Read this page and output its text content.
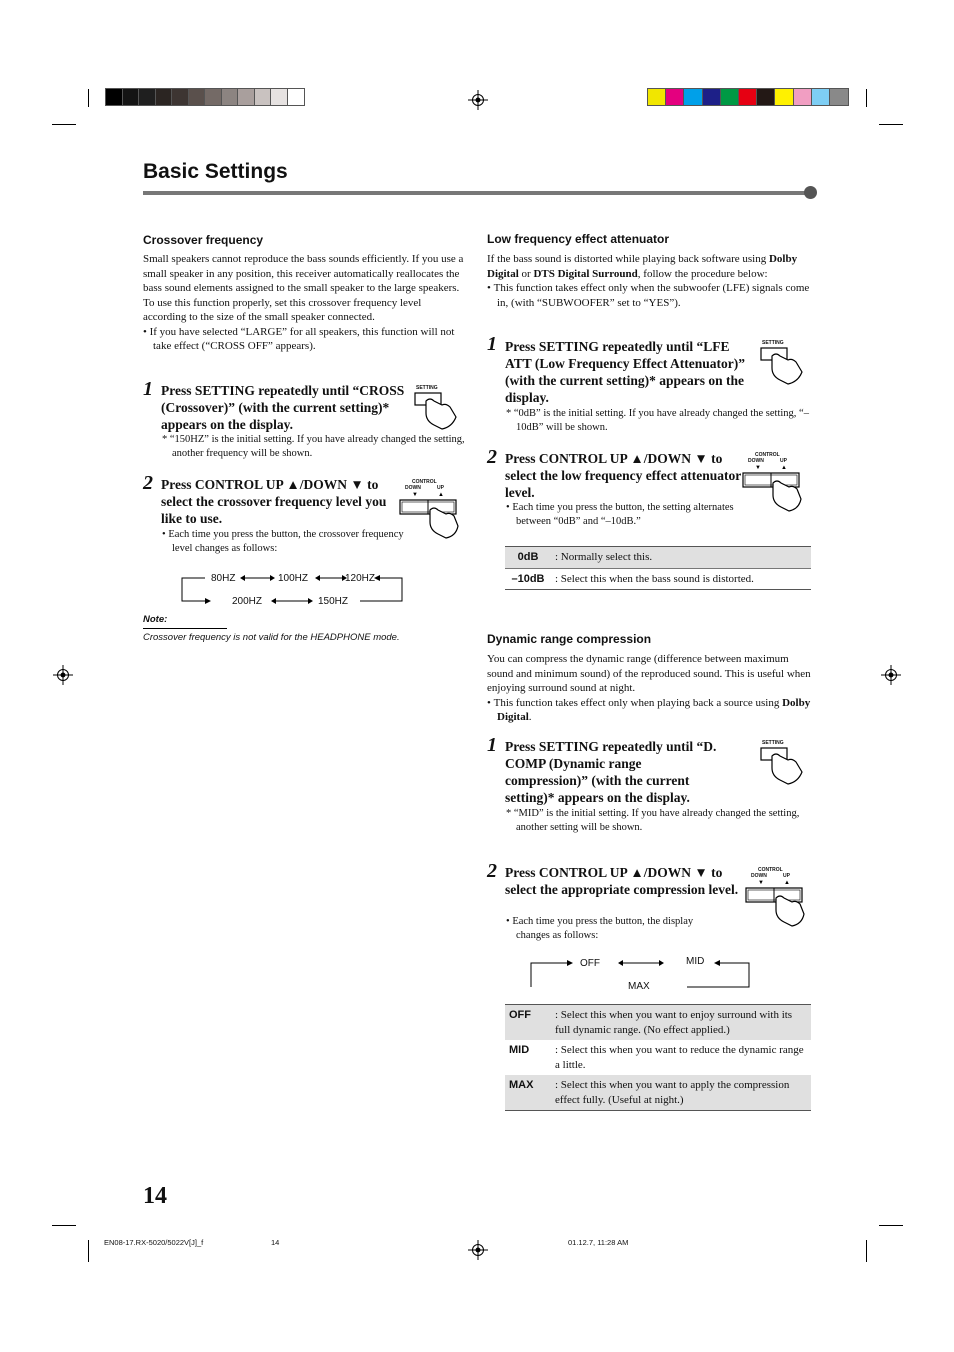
Basic Settings
Crossover frequency

Small speakers cannot reproduce the bass sounds efficiently. If you use a small speaker in any position, this receiver automatically reallocates the bass sound elements assigned to the small speaker to the large speakers.

To use this function properly, set this crossover frequency level according to the size of the small speaker connected.

• If you have selected “LARGE” for all speakers, this function will not take effect (“CROSS OFF” appears).

1 Press SETTING repeatedly until “CROSS (Crossover)” (with the current setting)* appears on the display.
* “150HZ” is the initial setting. If you have already changed the setting, another frequency will be shown.
SETTING
2 Press CONTROL UP ▲/DOWN ▼ to select the crossover frequency level you like to use.
• Each time you press the button, the crossover frequency level changes as follows:
CONTROL
DOWN	UP
▼	▲
80HZ	100HZ	120HZ
150HZ
200HZ
Note:
Crossover frequency is not valid for the HEADPHONE mode.
Low frequency effect attenuator

If the bass sound is distorted while playing back software using Dolby Digital or DTS Digital Surround, follow the procedure below:

• This function takes effect only when the subwoofer (LFE) signals come in, (with “SUBWOOFER” set to “YES”).

1 Press SETTING repeatedly until “LFE ATT (Low Frequency Effect Attenuator)” (with the current setting)* appears on the display.
* “0dB” is the initial setting. If you have already changed the setting, “–10dB” will be shown.
SETTING
2 Press CONTROL UP ▲/DOWN ▼ to select the low frequency effect attenuator level.
• Each time you press the button, the setting alternates between “0dB” and “–10dB.”
CONTROL
DOWN	UP
▼	▲
0dB	: Normally select this.
–10dB	: Select this when the bass sound is distorted.
Dynamic range compression

You can compress the dynamic range (difference between maximum sound and minimum sound) of the reproduced sound. This is useful when enjoying surround sound at night.

• This function takes effect only when playing back a source using Dolby Digital.

1 Press SETTING repeatedly until “D. COMP (Dynamic range compression)” (with the current setting)* appears on the display.
* “MID” is the initial setting. If you have already changed the setting, another setting will be shown.
SETTING
2 Press CONTROL UP ▲/DOWN ▼ to select the appropriate compression level.
• Each time you press the button, the display changes as follows:
CONTROL
DOWN	UP
▼	▲
OFF	MID
MAX
OFF	: Select this when you want to enjoy surround with its full dynamic range. (No effect applied.)
MID	: Select this when you want to reduce the dynamic range a little.
MAX	: Select this when you want to apply the compression effect fully. (Useful at night.)
14
EN08-17.RX-5020/5022V[J]_f	14	01.12.7, 11:28 AM
